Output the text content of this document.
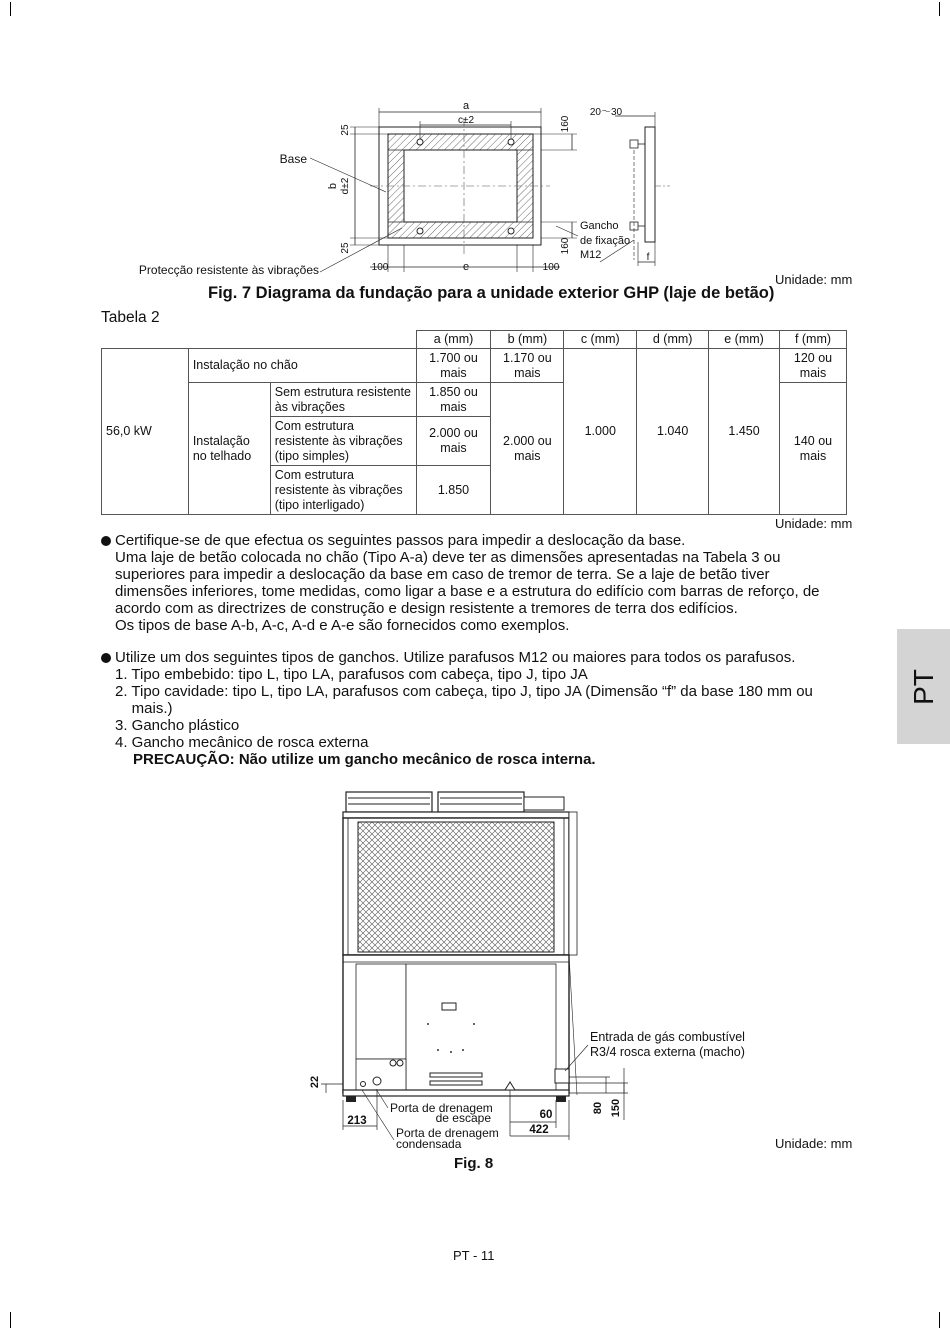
a
c±2
25
b d±2
25
160
160
100	e	100
20〜30
f
Base
Protecção resistente às vibrações
Gancho
de fixação
M12
Fig. 7 Diagrama da fundação para a unidade exterior GHP (laje de betão)
Unidade: mm
Tabela 2
			a (mm)	b (mm)	c (mm)	d (mm)	e (mm)	f (mm)
56,0 kW	Instalação no chão		1.700 ou mais	1.170 ou mais	1.000	1.040	1.450	120 ou mais
	Instalação no telhado	Sem estrutura resistente às vibrações	1.850 ou mais	2.000 ou mais				140 ou mais
		Com estrutura resistente às vibrações (tipo simples)	2.000 ou mais					
		Com estrutura resistente às vibrações (tipo interligado)	1.850					
Unidade: mm
Certifique-se de que efectua os seguintes passos para impedir a deslocação da base.

Uma laje de betão colocada no chão (Tipo A-a) deve ter as dimensões apresentadas na Tabela 3 ou

superiores para impedir a deslocação da base em caso de tremor de terra. Se a laje de betão tiver

dimensões inferiores, tome medidas, como ligar a base e a estrutura do edifício com barras de reforço, de

acordo com as directrizes de construção e design resistente a tremores de terra dos edifícios.

Os tipos de base A-b, A-c, A-d e A-e são fornecidos como exemplos.

Utilize um dos seguintes tipos de ganchos. Utilize parafusos M12 ou maiores para todos os parafusos.

1. Tipo embebido: tipo L, tipo LA, parafusos com cabeça, tipo J, tipo JA

2. Tipo cavidade: tipo L, tipo LA, parafusos com cabeça, tipo J, tipo JA (Dimensão “f” da base 180 mm ou

mais.)

3. Gancho plástico

4. Gancho mecânico de rosca externa

PRECAUÇÃO: Não utilize um gancho mecânico de rosca interna.

PT
Entrada de gás combustível
R3/4 rosca externa (macho)
Porta de drenagem
de escape
Porta de drenagem
condensada
22
213	60
422
80 150
Fig. 8
Unidade: mm
PT - 11
